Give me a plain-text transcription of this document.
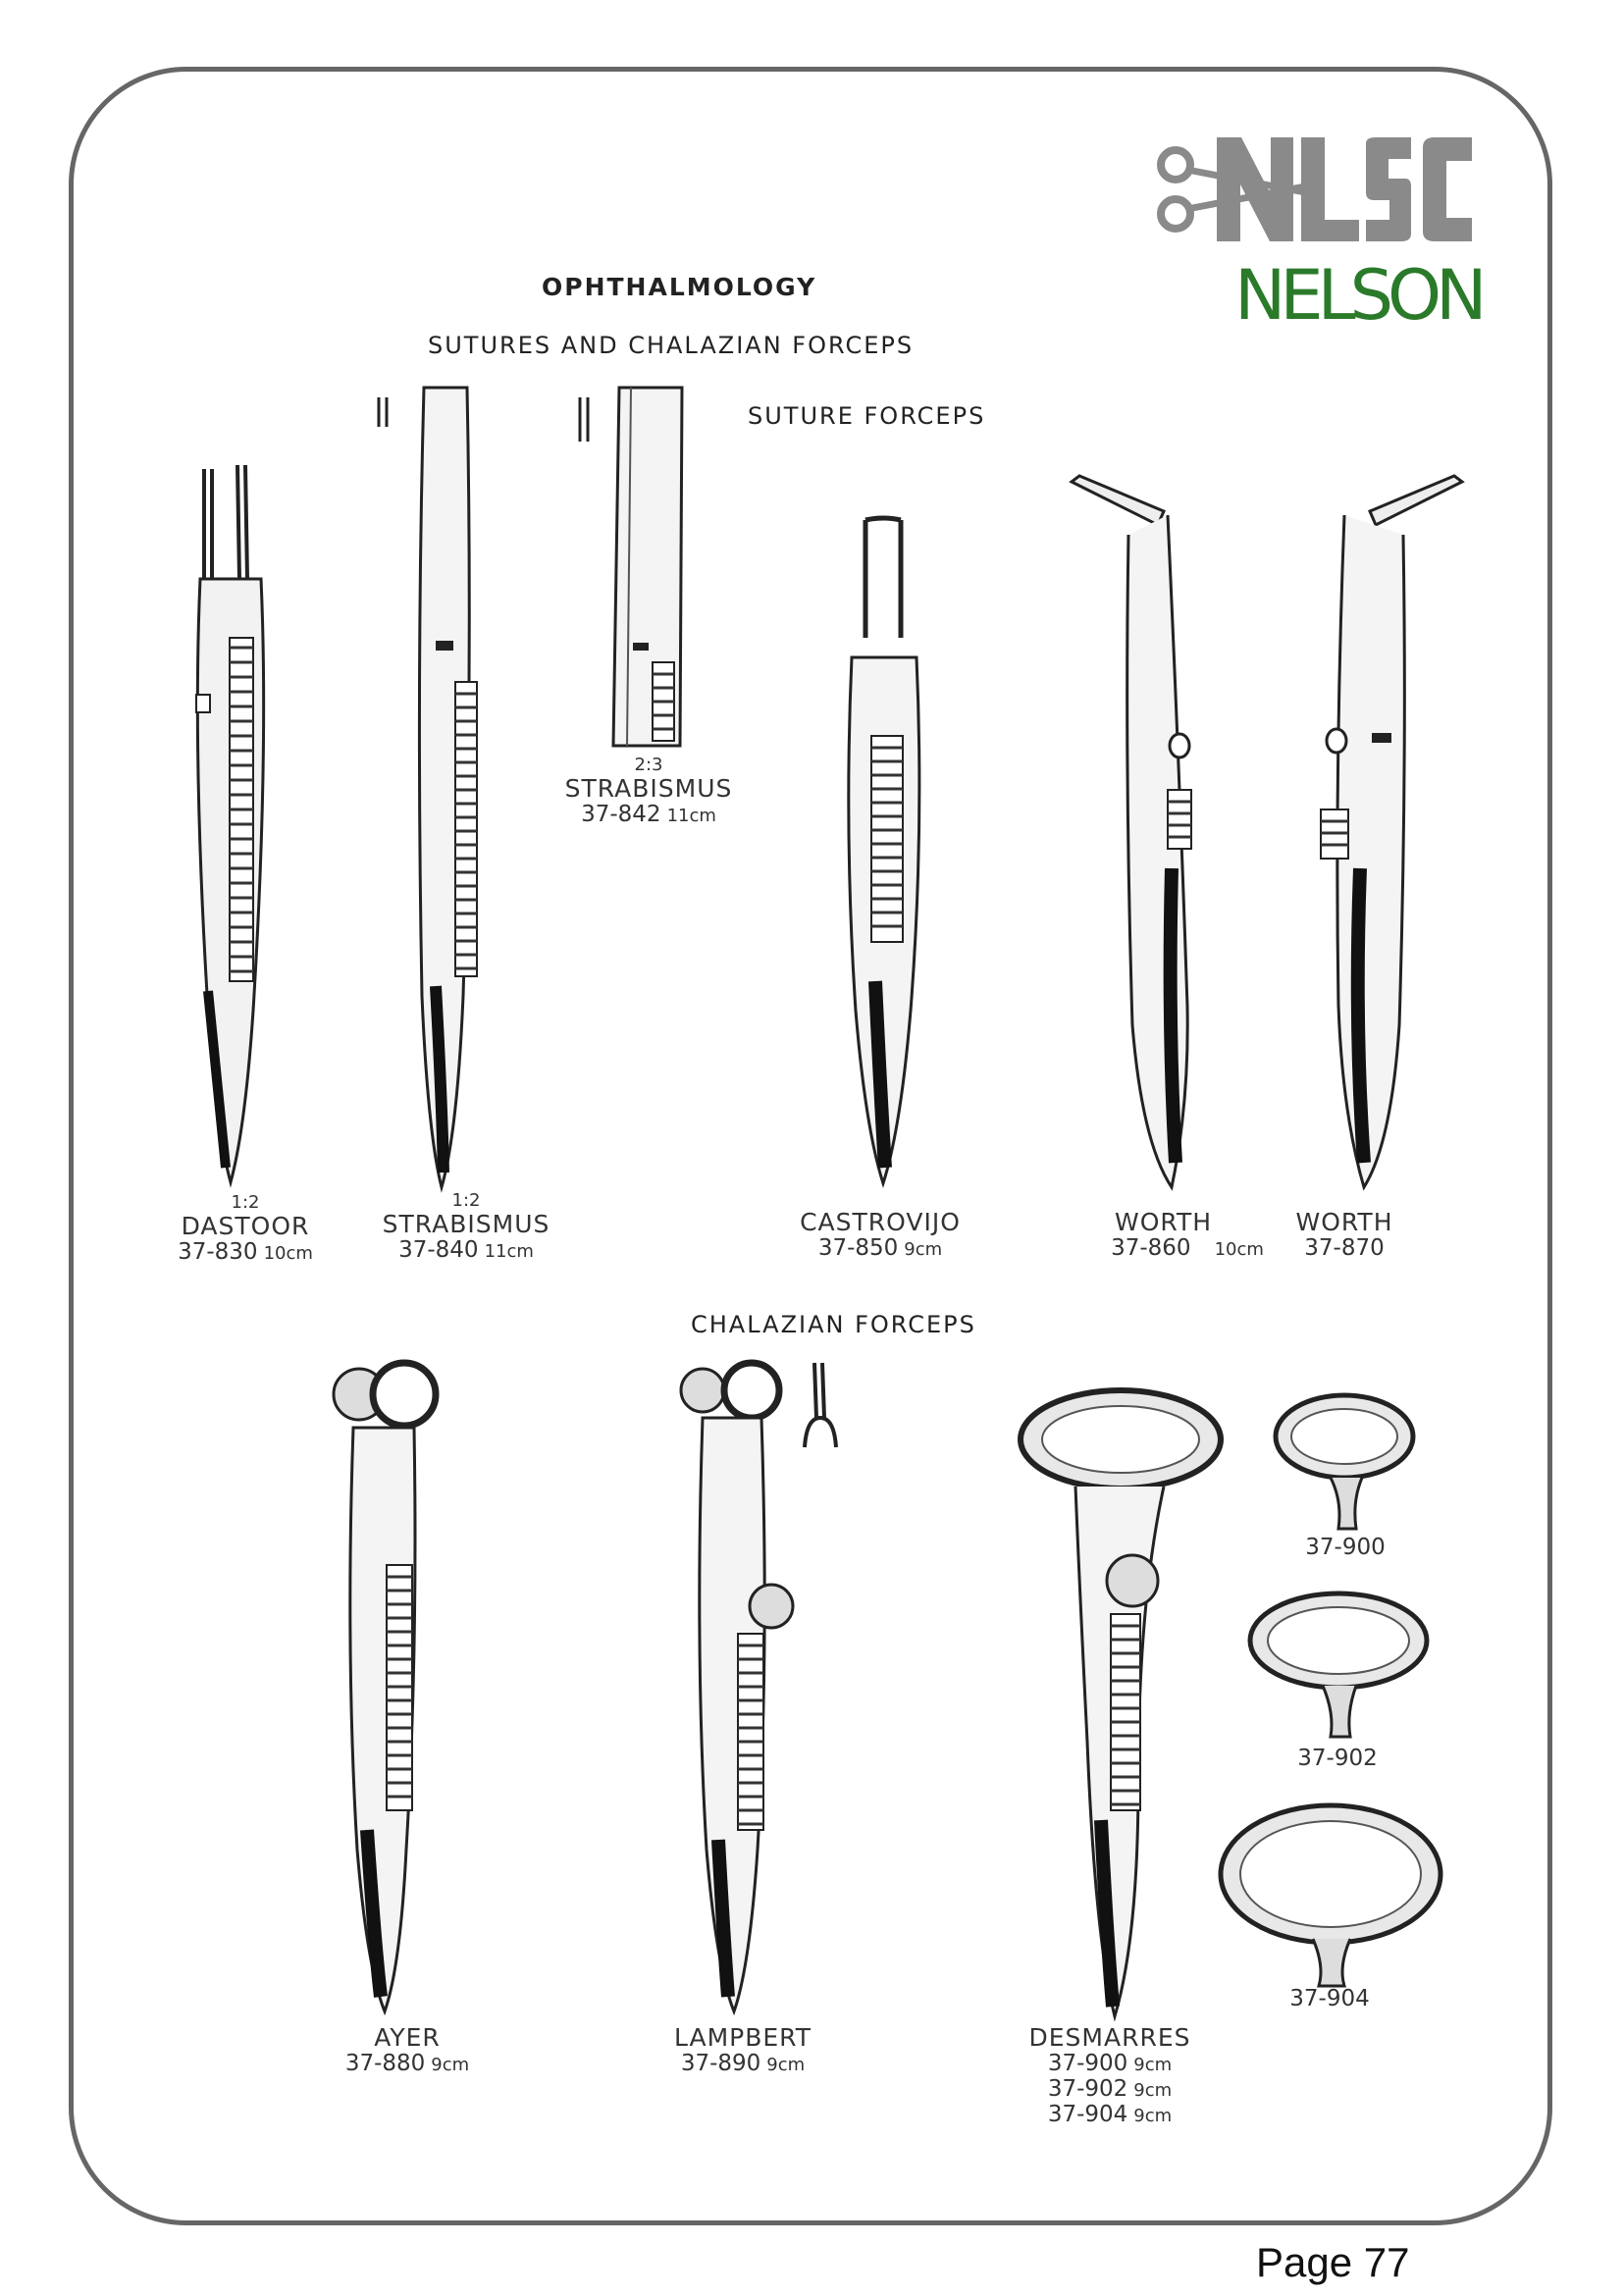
NELSON
OPHTHALMOLOGY
SUTURES AND CHALAZIAN FORCEPS
SUTURE FORCEPS
CHALAZIAN FORCEPS
1:2
DASTOOR
37-830 10cm
1:2
STRABISMUS
37-840 11cm
2:3
STRABISMUS
37-842 11cm
CASTROVIJO
37-850 9cm
WORTH
37-860 10cm
WORTH
37-870
37-900
37-902
37-904
AYER
37-880 9cm
LAMPBERT
37-890 9cm
DESMARRES
37-900 9cm
37-902 9cm
37-904 9cm
Page 77
